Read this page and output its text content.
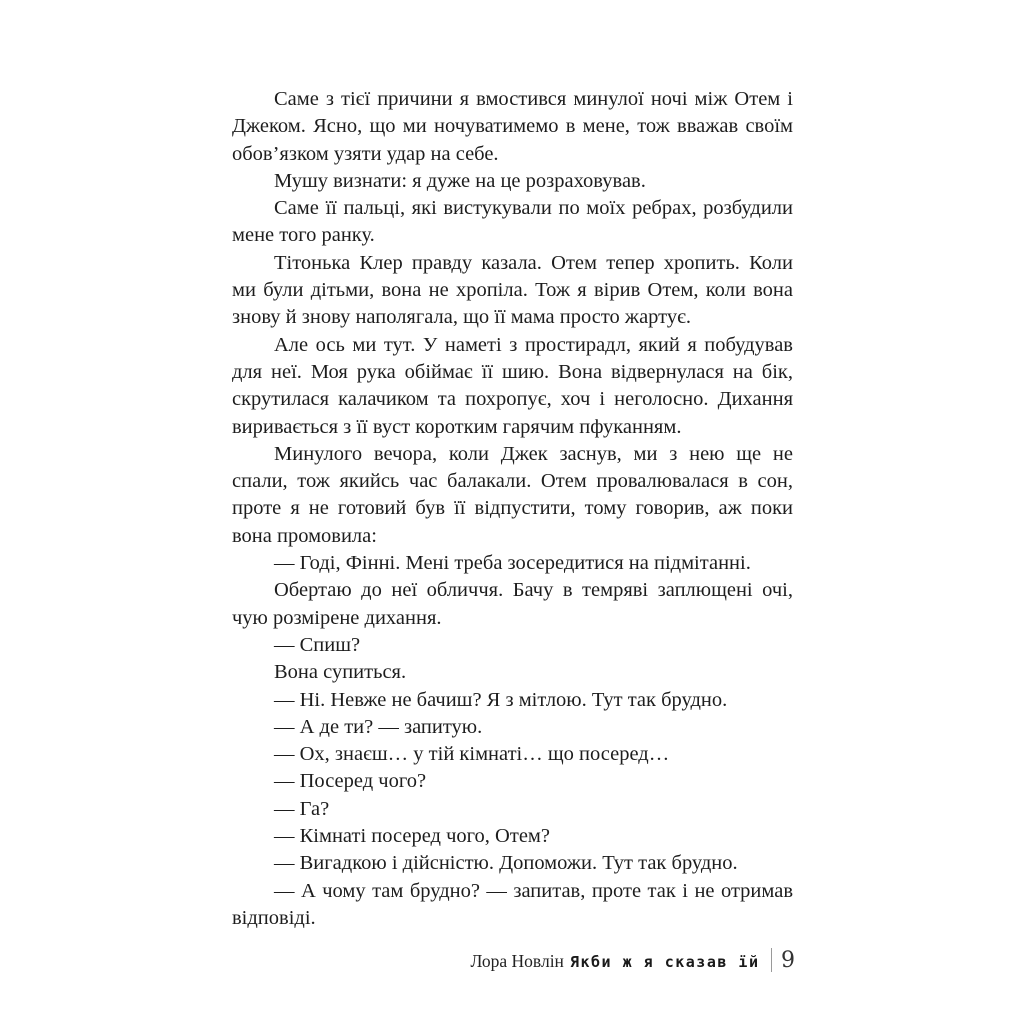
Саме з тієї причини я вмостився минулої ночі між Отем і Джеком. Ясно, що ми ночуватимемо в мене, тож вважав своїм обов’язком узяти удар на себе.

Мушу визнати: я дуже на це розраховував.

Саме її пальці, які вистукували по моїх ребрах, розбудили мене того ранку.

Тітонька Клер правду казала. Отем тепер хропить. Коли ми були дітьми, вона не хропіла. Тож я вірив Отем, коли вона знову й знову наполягала, що її мама просто жартує.

Але ось ми тут. У наметі з простирадл, який я побудував для неї. Моя рука обіймає її шию. Вона відвернулася на бік, скрутилася калачиком та похропує, хоч і неголосно. Дихання виривається з її вуст коротким гарячим пфуканням.

Минулого вечора, коли Джек заснув, ми з нею ще не спали, тож якийсь час балакали. Отем провалювалася в сон, проте я не готовий був її відпустити, тому говорив, аж поки вона промовила:

— Годі, Фінні. Мені треба зосередитися на підмітанні.

Обертаю до неї обличчя. Бачу в темряві заплющені очі, чую розмірене дихання.

— Спиш?

Вона супиться.

— Ні. Невже не бачиш? Я з мітлою. Тут так брудно.

— А де ти? — запитую.

— Ох, знаєш… у тій кімнаті… що посеред…

— Посеред чого?

— Га?

— Кімнаті посеред чого, Отем?

— Вигадкою і дійсністю. Допоможи. Тут так брудно.

— А чому там брудно? — запитав, проте так і не отримав відповіді.

Лора Новлін Якби ж я сказав їй 9
